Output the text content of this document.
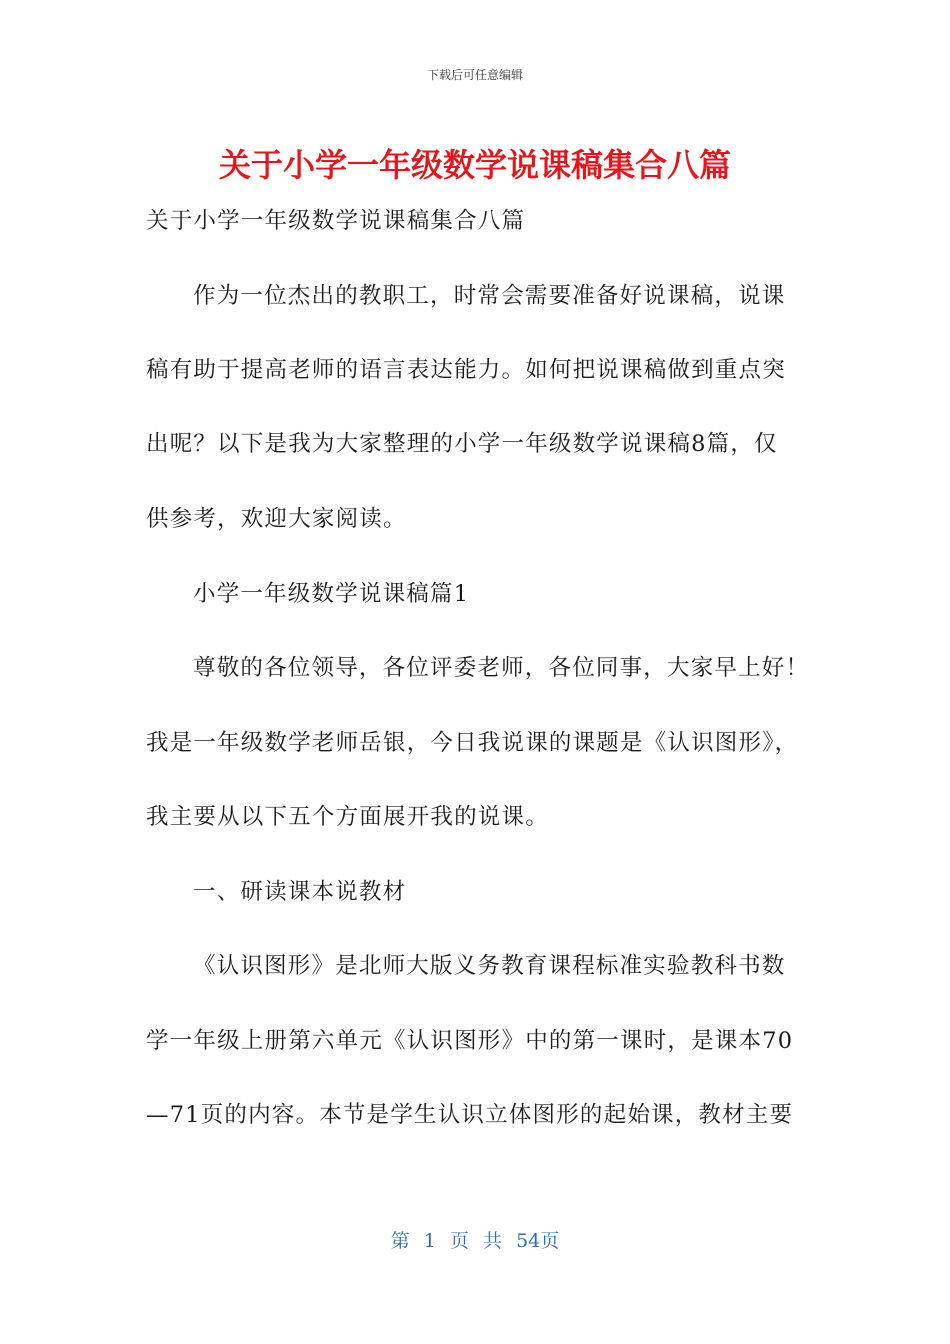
下载后可任意编辑
关于小学一年级数学说课稿集合八篇
关于小学一年级数学说课稿集合八篇
作为一位杰出的教职工，时常会需要准备好说课稿，说课
稿有助于提高老师的语言表达能力。如何把说课稿做到重点突
出呢？以下是我为大家整理的小学一年级数学说课稿8篇，仅
供参考，欢迎大家阅读。
小学一年级数学说课稿篇1
尊敬的各位领导，各位评委老师，各位同事，大家早上好！
我是一年级数学老师岳银，今日我说课的课题是《认识图形》，
我主要从以下五个方面展开我的说课。
一、研读课本说教材
《认识图形》是北师大版义务教育课程标准实验教科书数
学一年级上册第六单元《认识图形》中的第一课时，是课本70
—71页的内容。本节是学生认识立体图形的起始课，教材主要
第 1 页 共 54页
